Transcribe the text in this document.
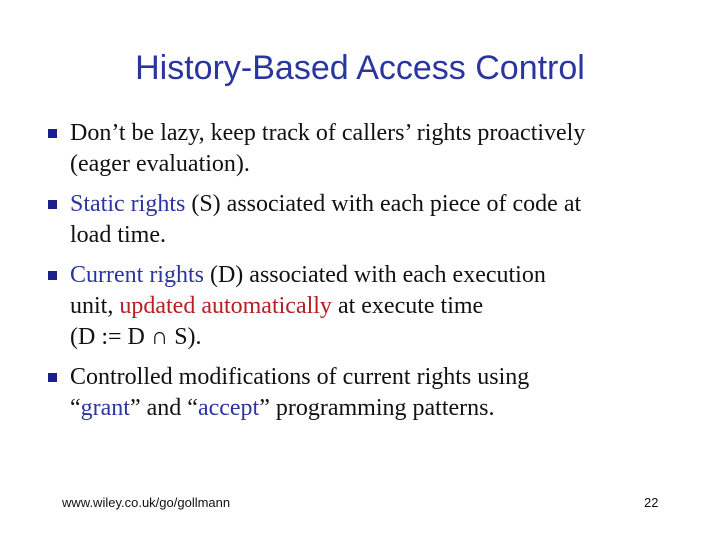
History-Based Access Control
Don’t be lazy, keep track of callers’ rights proactively
(eager evaluation).
Static rights (S) associated with each piece of code at
load time.
Current rights (D) associated with each execution
unit, updated automatically at execute time
(D := D ∩ S).
Controlled modifications of current rights using
“grant” and “accept” programming patterns.
www.wiley.co.uk/go/gollmann	22
